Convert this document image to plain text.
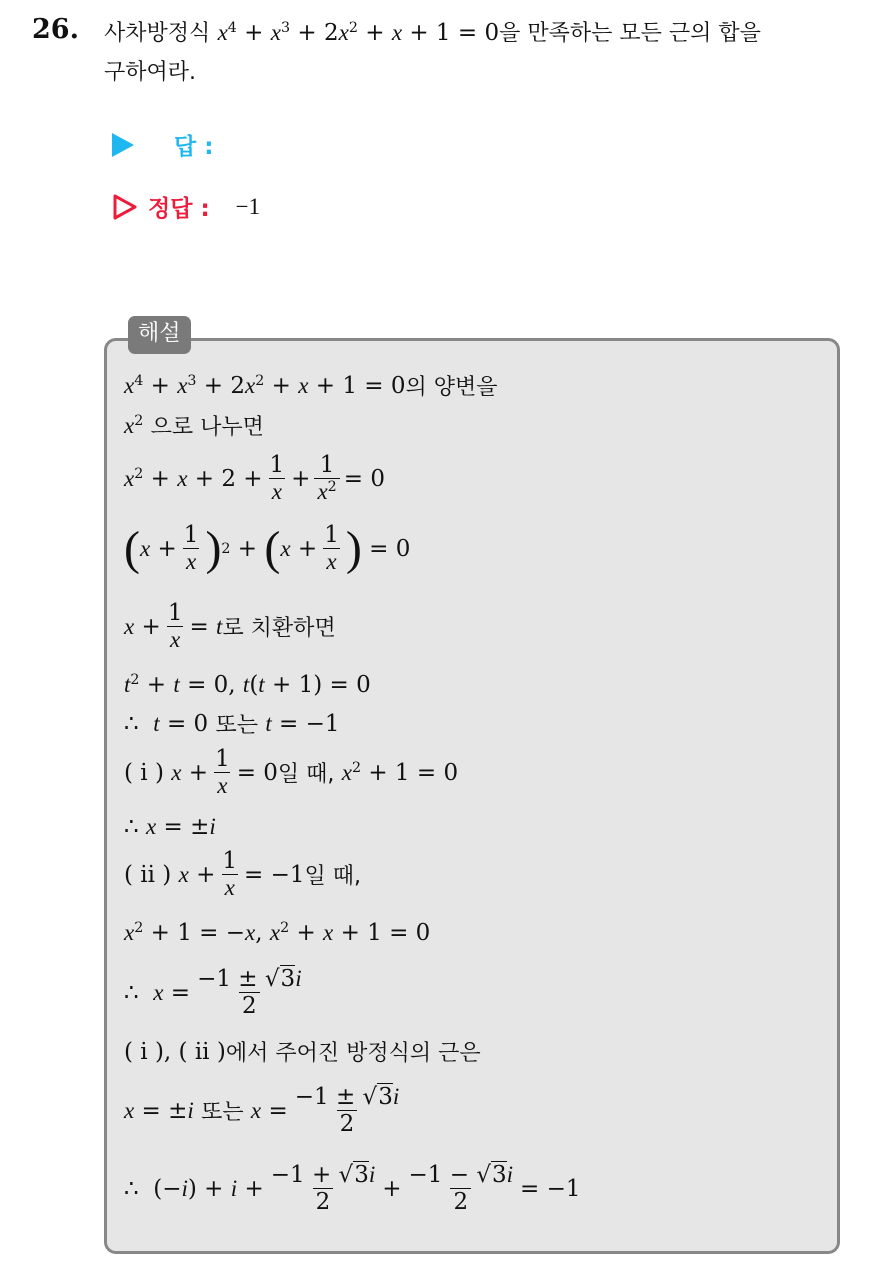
26. 사차방정식 $x^4 + x^3 + 2x^2 + x + 1 = 0$을 만족하는 모든 근의 합을
구하여라.
답 :
정답 : −1
해설
$x^4 + x^3 + 2x^2 + x + 1 = 0$ 의 양변을
$x^2$ 으로 나누면
$x^2 + x + 2 + \frac{1}{x} + \frac{1}{x^2} = 0$
( $x + \frac{1}{x}$ ) 2 + ( $x + \frac{1}{x}$ ) = 0
$x + \frac{1}{x} = t$ 로 치환하면
$t^2 + t = 0$, t(t + 1) = 0
∴  t = 0 또는 t = −1
( i ) $x + \frac{1}{x} = 0$ 일 때, $x^2 + 1 = 0$
∴ x = ±i
( ii ) $x + \frac{1}{x} = -1$ 일 때,
$x^2 + 1 = -x$, $x^2 + x + 1 = 0$
∴  $x = \frac{-1 \pm √3i}{2}$
( i ), ( ii ) 에서 주어진 방정식의 근은
x = ±i 또는 $x = \frac{-1 \pm √3i}{2}$
∴  $(-i) + i + \frac{-1 + √3i}{2} + \frac{-1 - √3i}{2} = -1$
